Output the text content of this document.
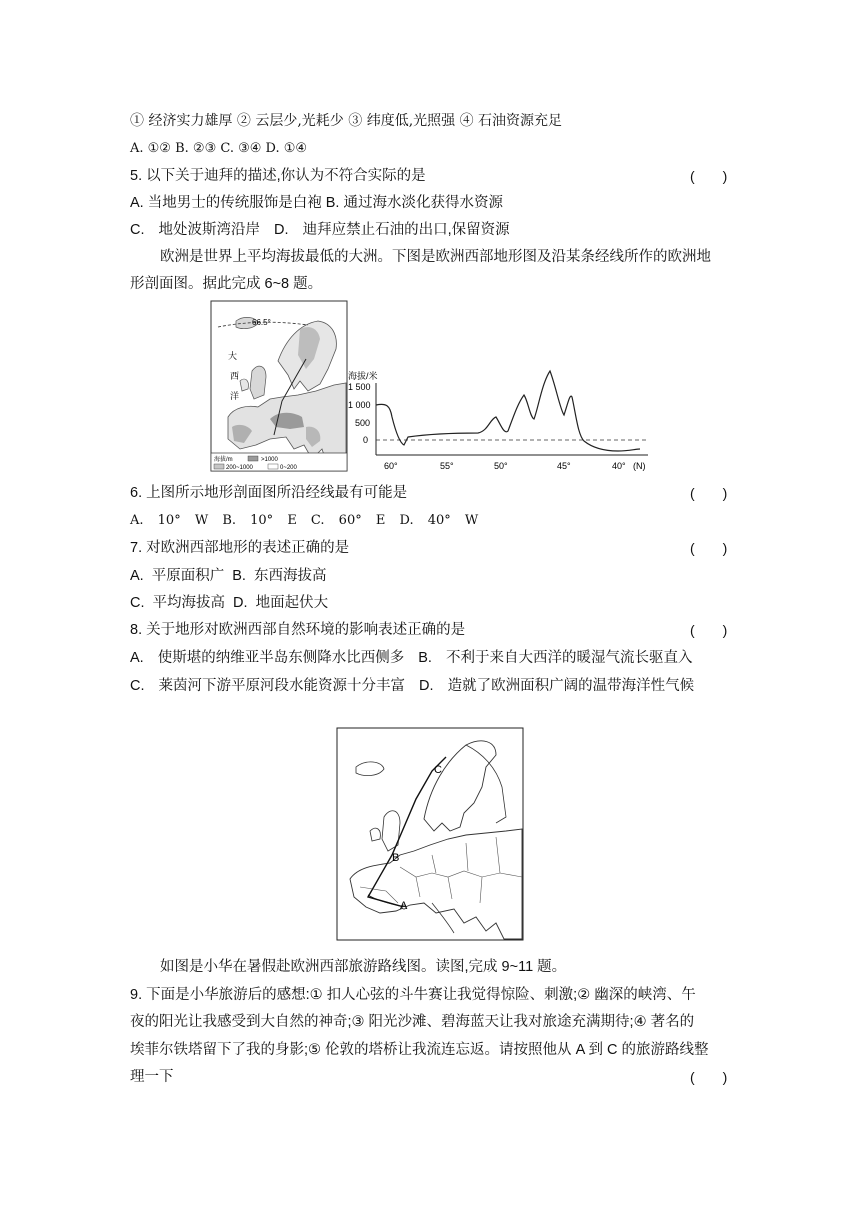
① 经济实力雄厚 ② 云层少,光耗少 ③ 纬度低,光照强 ④ 石油资源充足
A. ①② B. ②③ C. ③④ D. ①④
5. 以下关于迪拜的描述,你认为不符合实际的是	(　　)
A. 当地男士的传统服饰是白袍 B. 通过海水淡化获得水资源
C. 地处波斯湾沿岸 D. 迪拜应禁止石油的出口,保留资源
欧洲是世界上平均海拔最低的大洲。下图是欧洲西部地形图及沿某条经线所作的欧洲地
形剖面图。据此完成 6~8 题。
66.5°
大
西
洋
海拔/m	>1000
200~1000	0~200
海拔/米
1 500
1 000
500
0
60°	55°	50°	45°	40° (N)
6. 上图所示地形剖面图所沿经线最有可能是	(　　)
A. 10° W B. 10° E C. 60° E D. 40° W
7. 对欧洲西部地形的表述正确的是	(　　)
A. 平原面积广 B. 东西海拔高
C. 平均海拔高 D. 地面起伏大
8. 关于地形对欧洲西部自然环境的影响表述正确的是	(　　)
A. 使斯堪的纳维亚半岛东侧降水比西侧多 B. 不利于来自大西洋的暖湿气流长驱直入
C. 莱茵河下游平原河段水能资源十分丰富 D. 造就了欧洲面积广阔的温带海洋性气候
A
B
C
如图是小华在暑假赴欧洲西部旅游路线图。读图,完成 9~11 题。
9. 下面是小华旅游后的感想:① 扣人心弦的斗牛赛让我觉得惊险、刺激;② 幽深的峡湾、午
夜的阳光让我感受到大自然的神奇;③ 阳光沙滩、碧海蓝天让我对旅途充满期待;④ 著名的
埃菲尔铁塔留下了我的身影;⑤ 伦敦的塔桥让我流连忘返。请按照他从 A 到 C 的旅游路线整
理一下	(　　)
